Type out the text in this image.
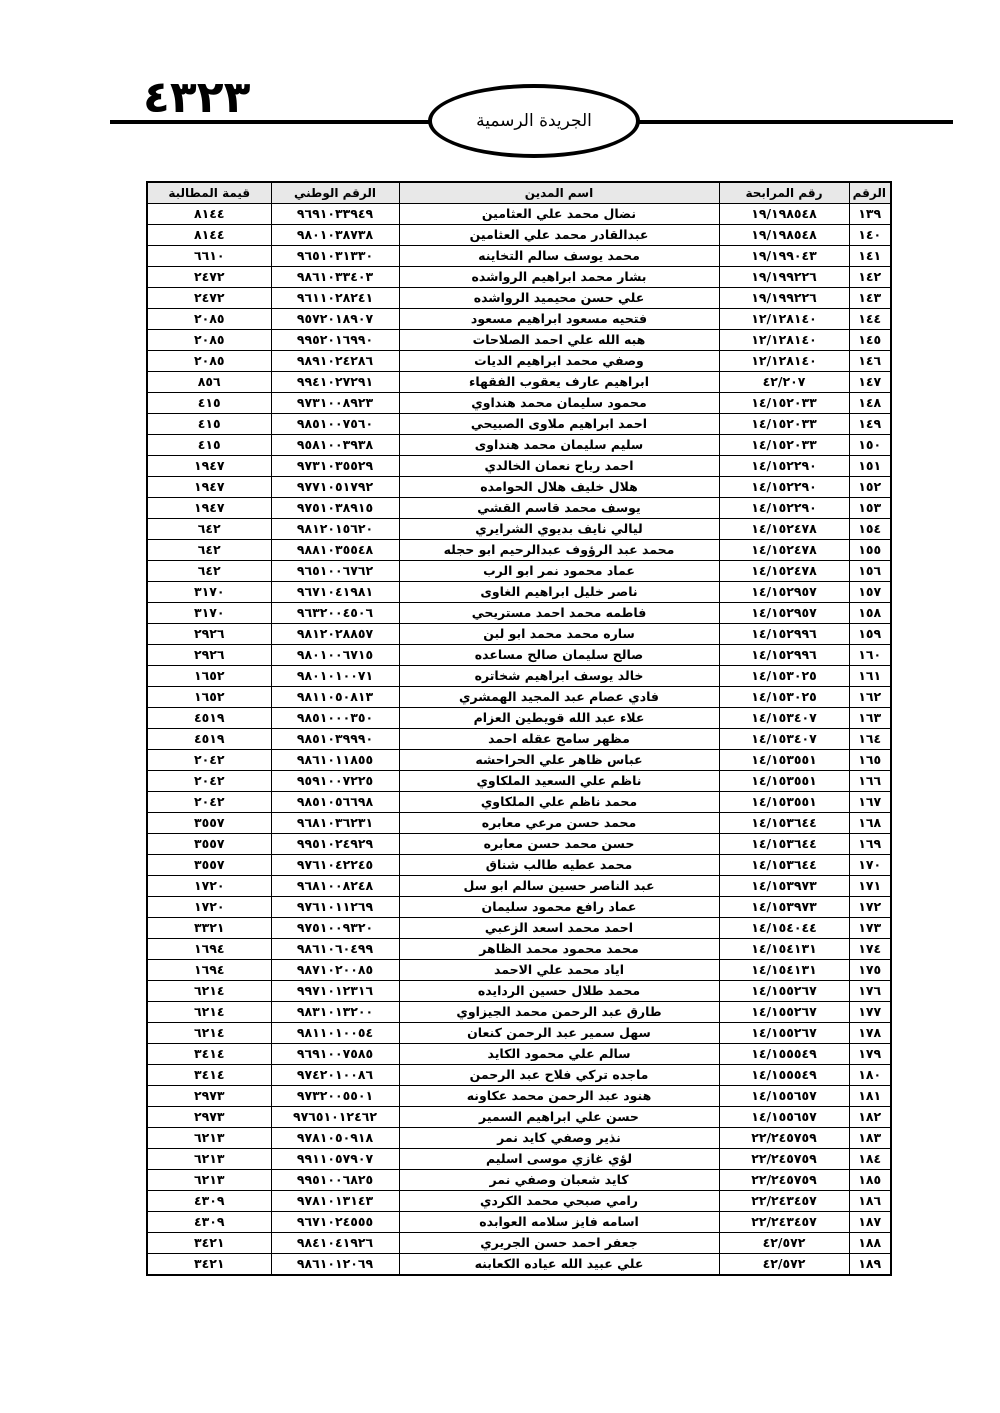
٤٣٢٣	الجريدة الرسمية
الرقم	رقم المرابحة	اسم المدين	الرقم الوطني	قيمة المطالبة
١٣٩	١٩/١٩٨٥٤٨	نضال محمد علي العثامين	٩٦٩١٠٣٣٩٤٩	٨١٤٤
١٤٠	١٩/١٩٨٥٤٨	عبدالقادر محمد علي العثامين	٩٨٠١٠٣٨٧٣٨	٨١٤٤
١٤١	١٩/١٩٩٠٤٣	محمد يوسف سالم التخاينه	٩٦٥١٠٣١٣٣٠	٦٦١٠
١٤٢	١٩/١٩٩٢٢٦	بشار محمد ابراهيم الرواشده	٩٨٦١٠٣٣٤٠٣	٢٤٧٢
١٤٣	١٩/١٩٩٢٢٦	علي حسن محيميد الرواشده	٩٦١١٠٢٨٢٤١	٢٤٧٢
١٤٤	١٢/١٢٨١٤٠	فتحيه مسعود ابراهيم مسعود	٩٥٧٢٠١٨٩٠٧	٢٠٨٥
١٤٥	١٢/١٢٨١٤٠	هبه الله علي احمد الصلاحات	٩٩٥٢٠١٦٩٩٠	٢٠٨٥
١٤٦	١٢/١٢٨١٤٠	وصفي محمد ابراهيم الديات	٩٨٩١٠٢٤٢٨٦	٢٠٨٥
١٤٧	٤٢/٢٠٧	ابراهيم عارف يعقوب الفقهاء	٩٩٤١٠٢٧٢٩١	٨٥٦
١٤٨	١٤/١٥٢٠٣٣	محمود سليمان محمد هنداوي	٩٧٣١٠٠٨٩٢٣	٤١٥
١٤٩	١٤/١٥٢٠٣٣	احمد ابراهيم ملاوى الصبيحي	٩٨٥١٠٠٧٥٦٠	٤١٥
١٥٠	١٤/١٥٢٠٣٣	سليم سليمان محمد هنداوى	٩٥٨١٠٠٣٩٣٨	٤١٥
١٥١	١٤/١٥٢٢٩٠	احمد رباح نعمان الخالدي	٩٧٣١٠٣٥٥٢٩	١٩٤٧
١٥٢	١٤/١٥٢٢٩٠	هلال خليف هلال الحوامده	٩٧٧١٠٥١٧٩٢	١٩٤٧
١٥٣	١٤/١٥٢٢٩٠	يوسف محمد قاسم القشي	٩٧٥١٠٣٨٩١٥	١٩٤٧
١٥٤	١٤/١٥٢٤٧٨	ليالي نايف بديوي الشرايري	٩٨١٢٠١٥٦٢٠	٦٤٢
١٥٥	١٤/١٥٢٤٧٨	محمد عبد الرؤوف عبدالرحيم ابو حجله	٩٨٨١٠٣٥٥٤٨	٦٤٢
١٥٦	١٤/١٥٢٤٧٨	عماد محمود نمر ابو الرب	٩٦٥١٠٠٦٧٦٢	٦٤٢
١٥٧	١٤/١٥٢٩٥٧	ناصر خليل ابراهيم الغاوى	٩٦٧١٠٤١٩٨١	٣١٧٠
١٥٨	١٤/١٥٢٩٥٧	فاطمه محمد احمد مستريحي	٩٦٣٢٠٠٤٥٠٦	٣١٧٠
١٥٩	١٤/١٥٢٩٩٦	ساره محمد محمد ابو لبن	٩٨١٢٠٢٨٨٥٧	٢٩٢٦
١٦٠	١٤/١٥٢٩٩٦	صالح سليمان صالح مساعده	٩٨٠١٠٠٦٧١٥	٢٩٢٦
١٦١	١٤/١٥٣٠٢٥	خالد يوسف ابراهيم شخاتره	٩٨٠١٠١٠٠٧١	١٦٥٢
١٦٢	١٤/١٥٣٠٢٥	فادي عصام عبد المجيد الهمشري	٩٨١١٠٥٠٨١٣	١٦٥٢
١٦٣	١٤/١٥٣٤٠٧	علاء عبد الله قويطين العزام	٩٨٥١٠٠٠٣٥٠	٤٥١٩
١٦٤	١٤/١٥٣٤٠٧	مظهر سامح عقله احمد	٩٨٥١٠٣٩٩٩٠	٤٥١٩
١٦٥	١٤/١٥٣٥٥١	عباس ظاهر علي الحراحشه	٩٨٦١٠١١٨٥٥	٢٠٤٢
١٦٦	١٤/١٥٣٥٥١	ناظم علي السعيد الملكاوي	٩٥٩١٠٠٧٢٢٥	٢٠٤٢
١٦٧	١٤/١٥٣٥٥١	محمد ناظم علي الملكاوي	٩٨٥١٠٥٦٦٩٨	٢٠٤٢
١٦٨	١٤/١٥٣٦٤٤	محمد حسن مرعي معابره	٩٦٨١٠٣٦٢٣١	٣٥٥٧
١٦٩	١٤/١٥٣٦٤٤	حسن محمد حسن معابره	٩٩٥١٠٢٤٩٢٩	٣٥٥٧
١٧٠	١٤/١٥٣٦٤٤	محمد عطيه طالب شناق	٩٧٦١٠٤٢٢٤٥	٣٥٥٧
١٧١	١٤/١٥٣٩٧٣	عبد الناصر حسين سالم ابو سل	٩٦٨١٠٠٨٢٤٨	١٧٢٠
١٧٢	١٤/١٥٣٩٧٣	عماد رافع محمود سليمان	٩٧٦١٠١١٢٦٩	١٧٢٠
١٧٣	١٤/١٥٤٠٤٤	احمد محمد اسعد الزعبي	٩٧٥١٠٠٩٣٢٠	٣٣٢١
١٧٤	١٤/١٥٤١٣١	محمد محمود محمد الظاهر	٩٨٦١٠٦٠٤٩٩	١٦٩٤
١٧٥	١٤/١٥٤١٣١	اياد محمد علي الاحمد	٩٨٧١٠٢٠٠٨٥	١٦٩٤
١٧٦	١٤/١٥٥٢٦٧	محمد طلال حسين الردايده	٩٩٧١٠١٢٣١٦	٦٢١٤
١٧٧	١٤/١٥٥٢٦٧	طارق عبد الرحمن محمد الجيزاوي	٩٨٣١٠١٣٢٠٠	٦٢١٤
١٧٨	١٤/١٥٥٢٦٧	سهل سمير عبد الرحمن كنعان	٩٨١١٠١٠٠٥٤	٦٢١٤
١٧٩	١٤/١٥٥٥٤٩	سالم علي محمود الكايد	٩٦٩١٠٠٧٥٨٥	٣٤١٤
١٨٠	١٤/١٥٥٥٤٩	ماجده تركي فلاح عبد الرحمن	٩٧٤٢٠١٠٠٨٦	٣٤١٤
١٨١	١٤/١٥٥٦٥٧	هنود عبد الرحمن محمد عكاونه	٩٧٣٢٠٠٥٥٠١	٢٩٧٣
١٨٢	١٤/١٥٥٦٥٧	حسن علي ابراهيم السمير	٩٧٦٥١٠١٢٤٦٢	٢٩٧٣
١٨٣	٢٢/٢٤٥٧٥٩	نذير وصفي كايد نمر	٩٧٨١٠٥٠٩١٨	٦٢١٣
١٨٤	٢٢/٢٤٥٧٥٩	لؤي غازي موسى اسليم	٩٩١١٠٥٧٩٠٧	٦٢١٣
١٨٥	٢٢/٢٤٥٧٥٩	كايد شعبان وصفي نمر	٩٩٥١٠٠٦٨٢٥	٦٢١٣
١٨٦	٢٢/٢٤٣٤٥٧	رامي صبحي محمد الكردي	٩٧٨١٠١٣١٤٣	٤٣٠٩
١٨٧	٢٢/٢٤٣٤٥٧	اسامه فايز سلامه العوابده	٩٦٧١٠٢٤٥٥٥	٤٣٠٩
١٨٨	٤٢/٥٧٢	جعفر احمد حسن الجريري	٩٨٤١٠٤١٩٢٦	٣٤٢١
١٨٩	٤٢/٥٧٢	علي عبيد الله عياده الكعابنه	٩٨٦١٠١٢٠٦٩	٣٤٢١
